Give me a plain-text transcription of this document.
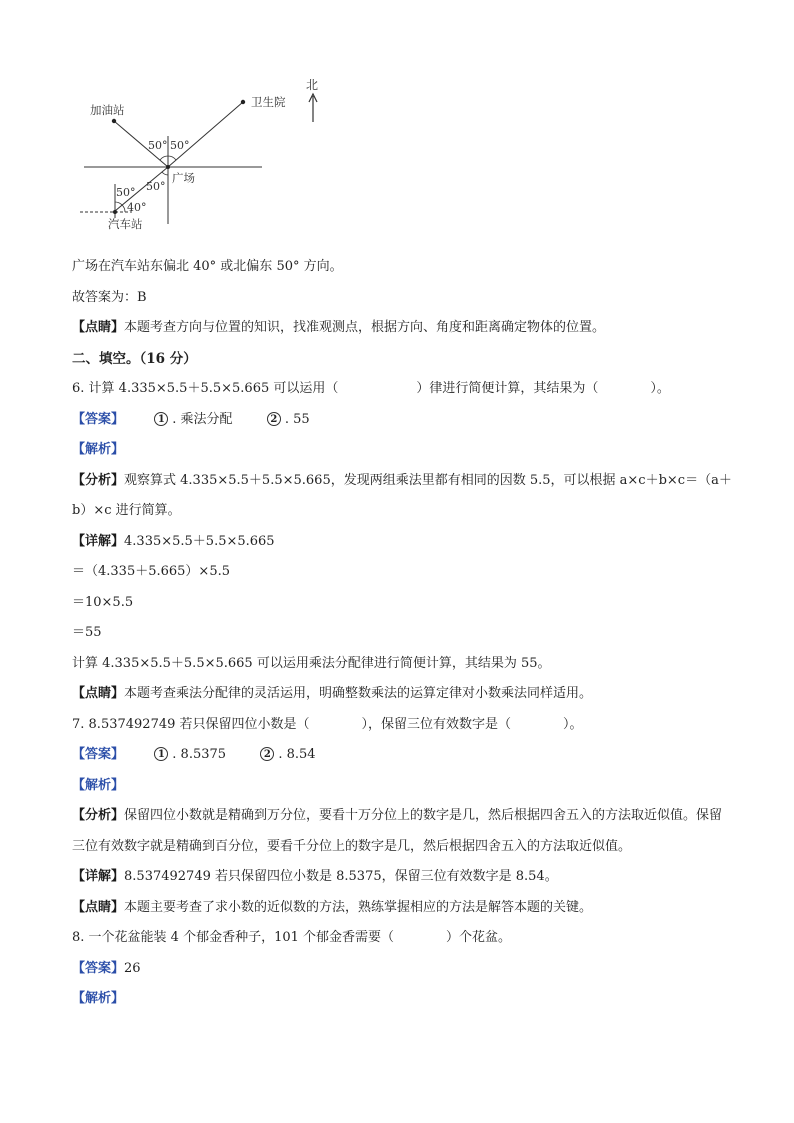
北
加油站
卫生院
广场
汽车站
50° 50°
50°
50°
40°
广场在汽车站东偏北 40° 或北偏东 50° 方向。
故答案为：B
【点睛】本题考查方向与位置的知识，找准观测点，根据方向、角度和距离确定物体的位置。
二、填空。（16 分）
6. 计算 4.335×5.5＋5.5×5.665 可以运用（　　　　　　）律进行简便计算，其结果为（　　　　）。
【答案】	1 . 乘法分配	2 . 55
【解析】
【分析】观察算式 4.335×5.5＋5.5×5.665，发现两组乘法里都有相同的因数 5.5，可以根据 a×c＋b×c＝（a＋b）×c 进行简算。
【详解】4.335×5.5＋5.5×5.665
＝（4.335＋5.665）×5.5
＝10×5.5
＝55
计算 4.335×5.5＋5.5×5.665 可以运用乘法分配律进行简便计算，其结果为 55。
【点睛】本题考查乘法分配律的灵活运用，明确整数乘法的运算定律对小数乘法同样适用。
7. 8.537492749 若只保留四位小数是（　　　　），保留三位有效数字是（　　　　）。
【答案】	1 . 8.5375	2 . 8.54
【解析】
【分析】保留四位小数就是精确到万分位，要看十万分位上的数字是几，然后根据四舍五入的方法取近似值。保留三位有效数字就是精确到百分位，要看千分位上的数字是几，然后根据四舍五入的方法取近似值。
【详解】8.537492749 若只保留四位小数是 8.5375，保留三位有效数字是 8.54。
【点睛】本题主要考查了求小数的近似数的方法，熟练掌握相应的方法是解答本题的关键。
8. 一个花盆能装 4 个郁金香种子，101 个郁金香需要（　　　　）个花盆。
【答案】26
【解析】
